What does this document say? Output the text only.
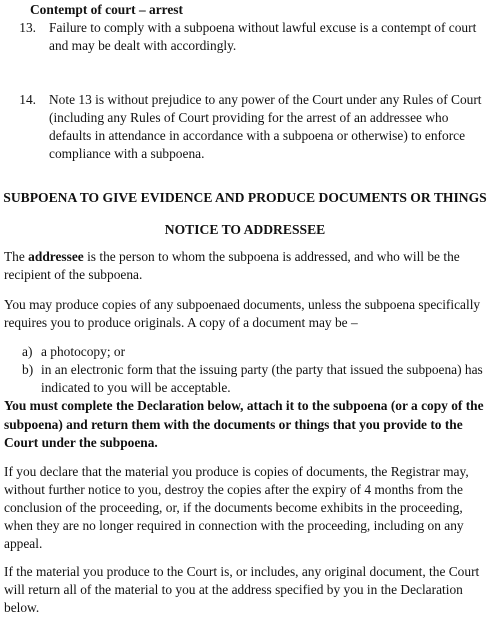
Contempt of court – arrest
13. Failure to comply with a subpoena without lawful excuse is a contempt of court and may be dealt with accordingly.
14. Note 13 is without prejudice to any power of the Court under any Rules of Court (including any Rules of Court providing for the arrest of an addressee who defaults in attendance in accordance with a subpoena or otherwise) to enforce compliance with a subpoena.
SUBPOENA TO GIVE EVIDENCE AND PRODUCE DOCUMENTS OR THINGS
NOTICE TO ADDRESSEE
The addressee is the person to whom the subpoena is addressed, and who will be the recipient of the subpoena.
You may produce copies of any subpoenaed documents, unless the subpoena specifically requires you to produce originals. A copy of a document may be –
a) a photocopy; or
b) in an electronic form that the issuing party (the party that issued the subpoena) has indicated to you will be acceptable.
You must complete the Declaration below, attach it to the subpoena (or a copy of the subpoena) and return them with the documents or things that you provide to the Court under the subpoena.
If you declare that the material you produce is copies of documents, the Registrar may, without further notice to you, destroy the copies after the expiry of 4 months from the conclusion of the proceeding, or, if the documents become exhibits in the proceeding, when they are no longer required in connection with the proceeding, including on any appeal.
If the material you produce to the Court is, or includes, any original document, the Court will return all of the material to you at the address specified by you in the Declaration below.
